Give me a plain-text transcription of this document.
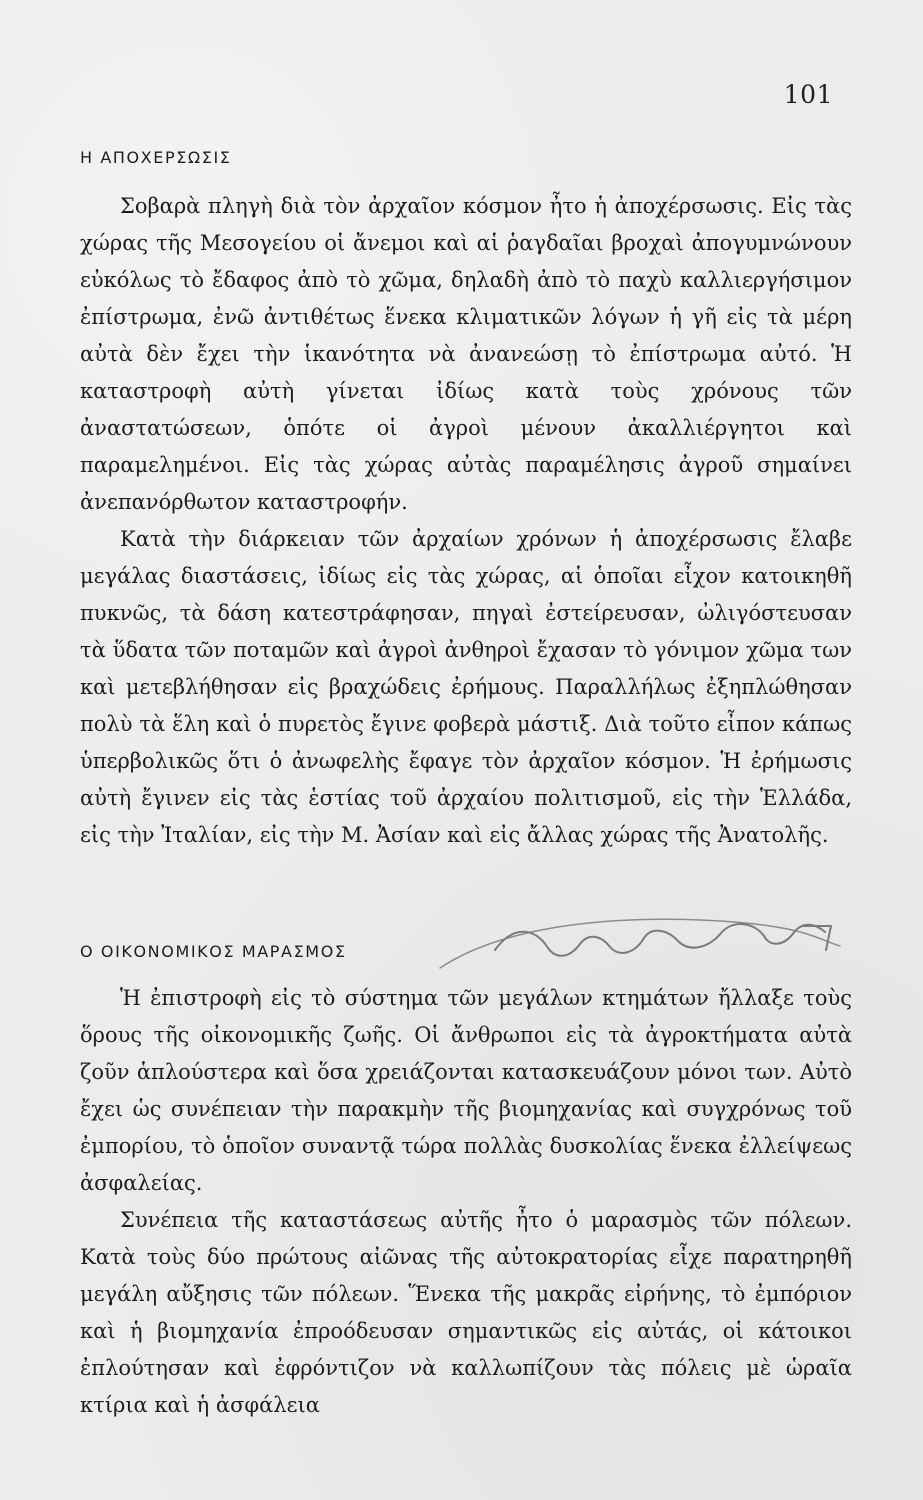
101

Η ΑΠΟΧΕΡΣΩΣΙΣ

Σοβαρὰ πληγὴ διὰ τὸν ἀρχαῖον κόσμον ἦτο ἡ ἀποχέρσωσις. Εἰς τὰς χώρας τῆς Μεσογείου οἱ ἄνεμοι καὶ αἱ ῥαγδαῖαι βροχαὶ ἀπογυμνώνουν εὐκόλως τὸ ἔδαφος ἀπὸ τὸ χῶμα, δηλαδὴ ἀπὸ τὸ παχὺ καλλιεργήσιμον ἐπίστρωμα, ἐνῶ ἀντιθέτως ἕνεκα κλιματικῶν λόγων ἡ γῆ εἰς τὰ μέρη αὐτὰ δὲν ἔχει τὴν ἱκανότητα νὰ ἀνανεώσῃ τὸ ἐπίστρωμα αὐτό. Ἡ καταστροφὴ αὐτὴ γίνεται ἰδίως κατὰ τοὺς χρόνους τῶν ἀναστατώσεων, ὁπότε οἱ ἀγροὶ μένουν ἀκαλλιέργητοι καὶ παραμελημένοι. Εἰς τὰς χώρας αὐτὰς παραμέλησις ἀγροῦ σημαίνει ἀνεπανόρθωτον καταστροφήν.

Κατὰ τὴν διάρκειαν τῶν ἀρχαίων χρόνων ἡ ἀποχέρσωσις ἔλαβε μεγάλας διαστάσεις, ἰδίως εἰς τὰς χώρας, αἱ ὁποῖαι εἶχον κατοικηθῆ πυκνῶς, τὰ δάση κατεστράφησαν, πηγαὶ ἐστείρευσαν, ὠλιγόστευσαν τὰ ὕδατα τῶν ποταμῶν καὶ ἀγροὶ ἀνθηροὶ ἔχασαν τὸ γόνιμον χῶμα των καὶ μετεβλήθησαν εἰς βραχώδεις ἐρήμους. Παραλλήλως ἐξηπλώθησαν πολὺ τὰ ἕλη καὶ ὁ πυρετὸς ἔγινε φοβερὰ μάστιξ. Διὰ τοῦτο εἶπον κάπως ὑπερβολικῶς ὅτι ὁ ἀνωφελὴς ἔφαγε τὸν ἀρχαῖον κόσμον. Ἡ ἐρήμωσις αὐτὴ ἔγινεν εἰς τὰς ἑστίας τοῦ ἀρχαίου πολιτισμοῦ, εἰς τὴν Ἑλλάδα, εἰς τὴν Ἰταλίαν, εἰς τὴν Μ. Ἀσίαν καὶ εἰς ἄλλας χώρας τῆς Ἀνατολῆς.

Ο ΟΙΚΟΝΟΜΙΚΟΣ ΜΑΡΑΣΜΟΣ

Ἡ ἐπιστροφὴ εἰς τὸ σύστημα τῶν μεγάλων κτημάτων ἤλλαξε τοὺς ὅρους τῆς οἰκονομικῆς ζωῆς. Οἱ ἄνθρωποι εἰς τὰ ἀγροκτήματα αὐτὰ ζοῦν ἁπλούστερα καὶ ὅσα χρειάζονται κατασκευάζουν μόνοι των. Αὐτὸ ἔχει ὡς συνέπειαν τὴν παρακμὴν τῆς βιομηχανίας καὶ συγχρόνως τοῦ ἐμπορίου, τὸ ὁποῖον συναντᾷ τώρα πολλὰς δυσκολίας ἕνεκα ἐλλείψεως ἀσφαλείας.

Συνέπεια τῆς καταστάσεως αὐτῆς ἦτο ὁ μαρασμὸς τῶν πόλεων. Κατὰ τοὺς δύο πρώτους αἰῶνας τῆς αὐτοκρατορίας εἶχε παρατηρηθῆ μεγάλη αὔξησις τῶν πόλεων. Ἕνεκα τῆς μακρᾶς εἰρήνης, τὸ ἐμπόριον καὶ ἡ βιομηχανία ἐπροόδευσαν σημαντικῶς εἰς αὐτάς, οἱ κάτοικοι ἐπλούτησαν καὶ ἐφρόντιζον νὰ καλλωπίζουν τὰς πόλεις μὲ ὡραῖα κτίρια καὶ ἡ ἀσφάλεια
